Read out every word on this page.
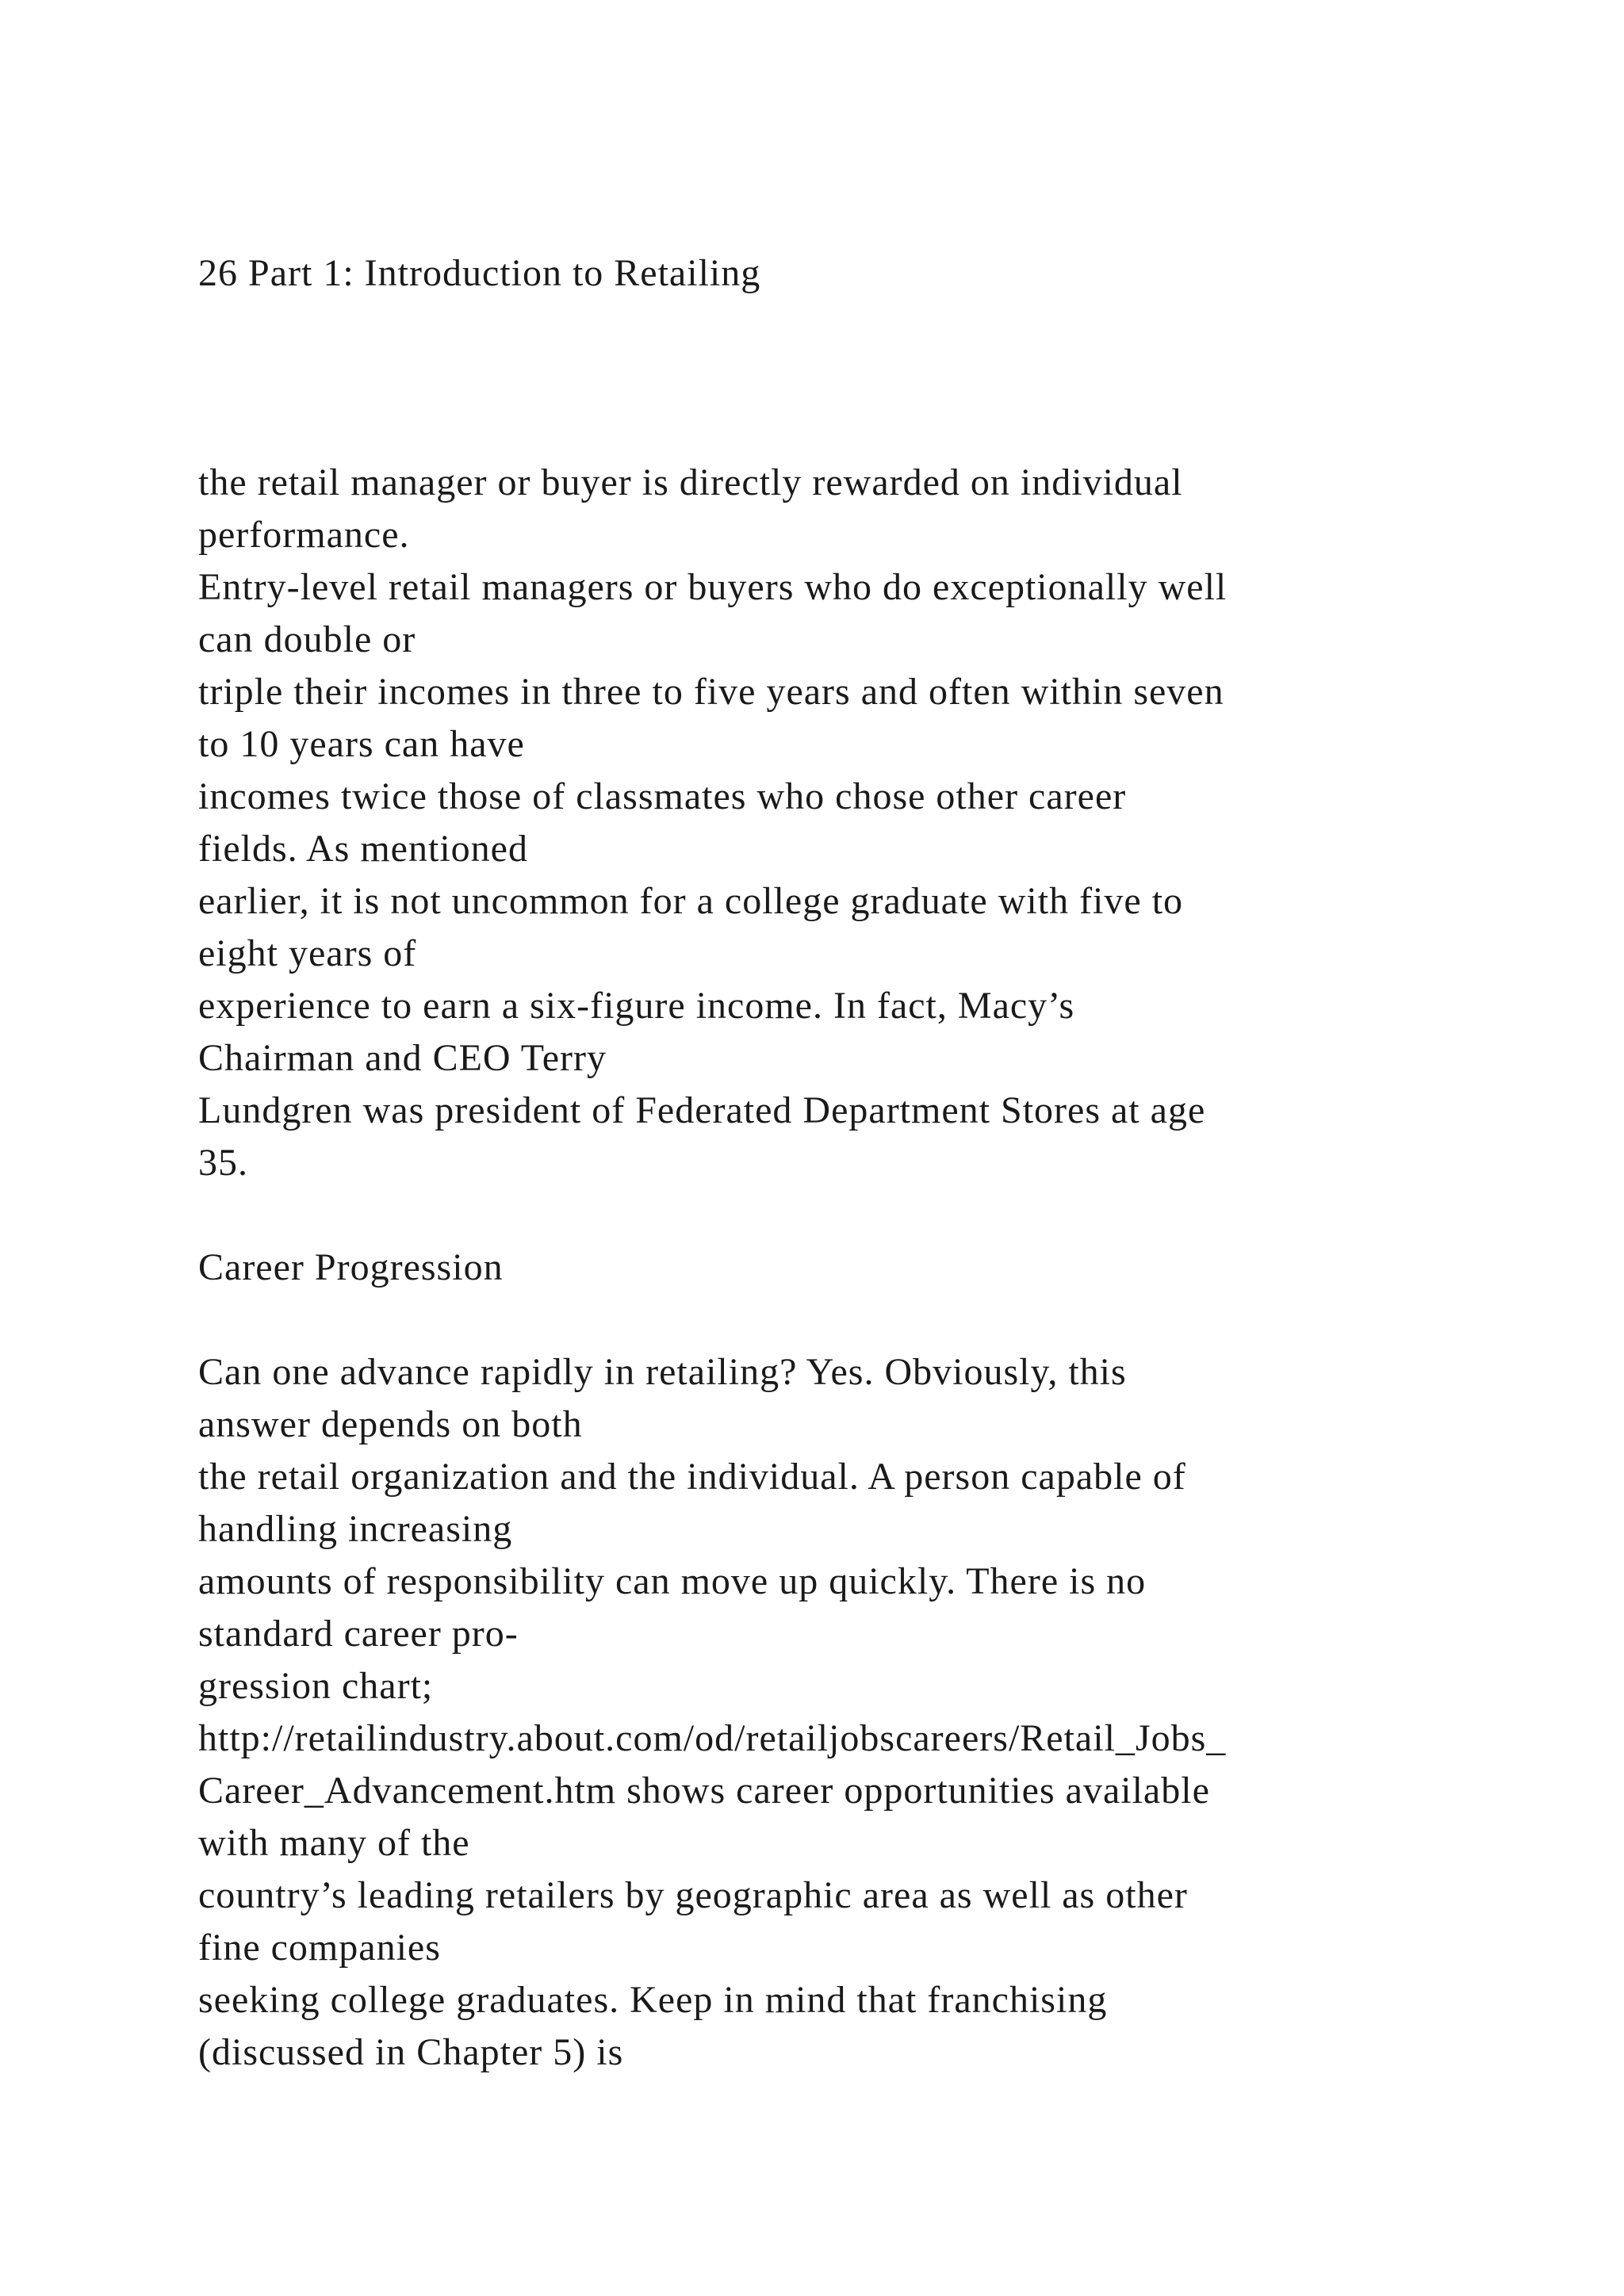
26 Part 1: Introduction to Retailing
the retail manager or buyer is directly rewarded on individual
performance.
Entry-level retail managers or buyers who do exceptionally well
can double or
triple their incomes in three to five years and often within seven
to 10 years can have
incomes twice those of classmates who chose other career
fields. As mentioned
earlier, it is not uncommon for a college graduate with five to
eight years of
experience to earn a six-figure income. In fact, Macy’s
Chairman and CEO Terry
Lundgren was president of Federated Department Stores at age
35.
Career Progression
Can one advance rapidly in retailing? Yes. Obviously, this
answer depends on both
the retail organization and the individual. A person capable of
handling increasing
amounts of responsibility can move up quickly. There is no
standard career pro-
gression chart;
http://retailindustry.about.com/od/retailjobscareers/Retail_Jobs_
Career_Advancement.htm shows career opportunities available
with many of the
country’s leading retailers by geographic area as well as other
fine companies
seeking college graduates. Keep in mind that franchising
(discussed in Chapter 5) is
